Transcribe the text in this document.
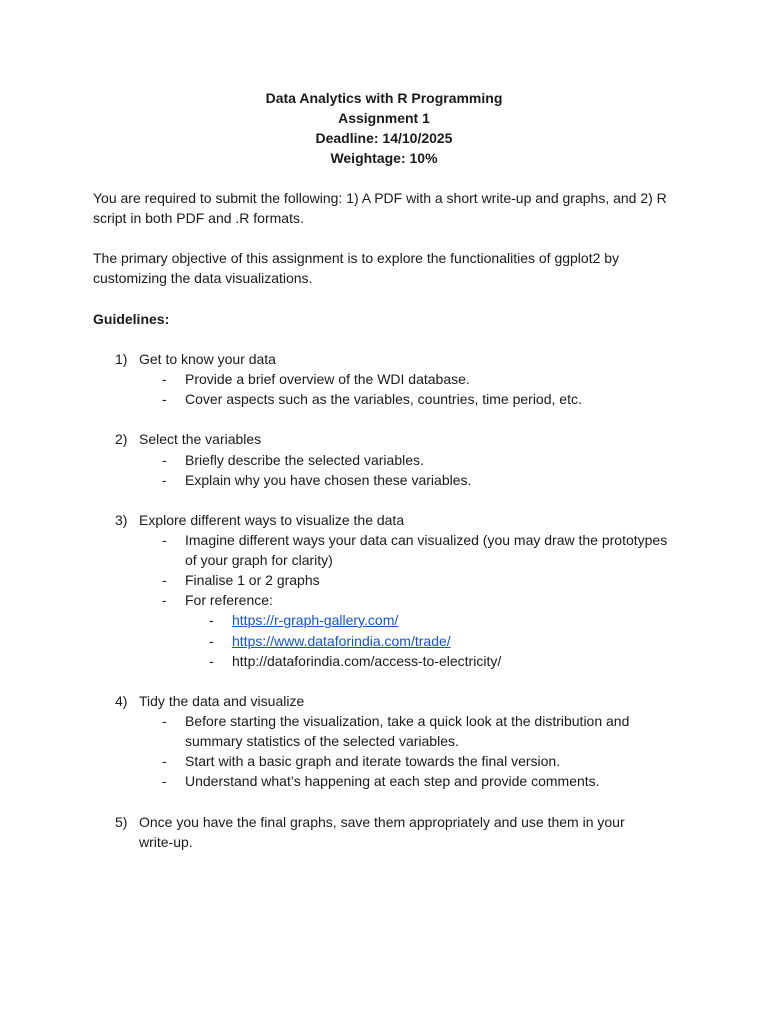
Data Analytics with R Programming
Assignment 1
Deadline: 14/10/2025
Weightage: 10%
You are required to submit the following: 1) A PDF with a short write-up and graphs, and 2) R script in both PDF and .R formats.
The primary objective of this assignment is to explore the functionalities of ggplot2 by customizing the data visualizations.
Guidelines:
1) Get to know your data
- Provide a brief overview of the WDI database.
- Cover aspects such as the variables, countries, time period, etc.
2) Select the variables
- Briefly describe the selected variables.
- Explain why you have chosen these variables.
3) Explore different ways to visualize the data
- Imagine different ways your data can visualized (you may draw the prototypes of your graph for clarity)
- Finalise 1 or 2 graphs
- For reference:
- https://r-graph-gallery.com/
- https://www.dataforindia.com/trade/
- http://dataforindia.com/access-to-electricity/
4) Tidy the data and visualize
- Before starting the visualization, take a quick look at the distribution and summary statistics of the selected variables.
- Start with a basic graph and iterate towards the final version.
- Understand what’s happening at each step and provide comments.
5) Once you have the final graphs, save them appropriately and use them in your write-up.
